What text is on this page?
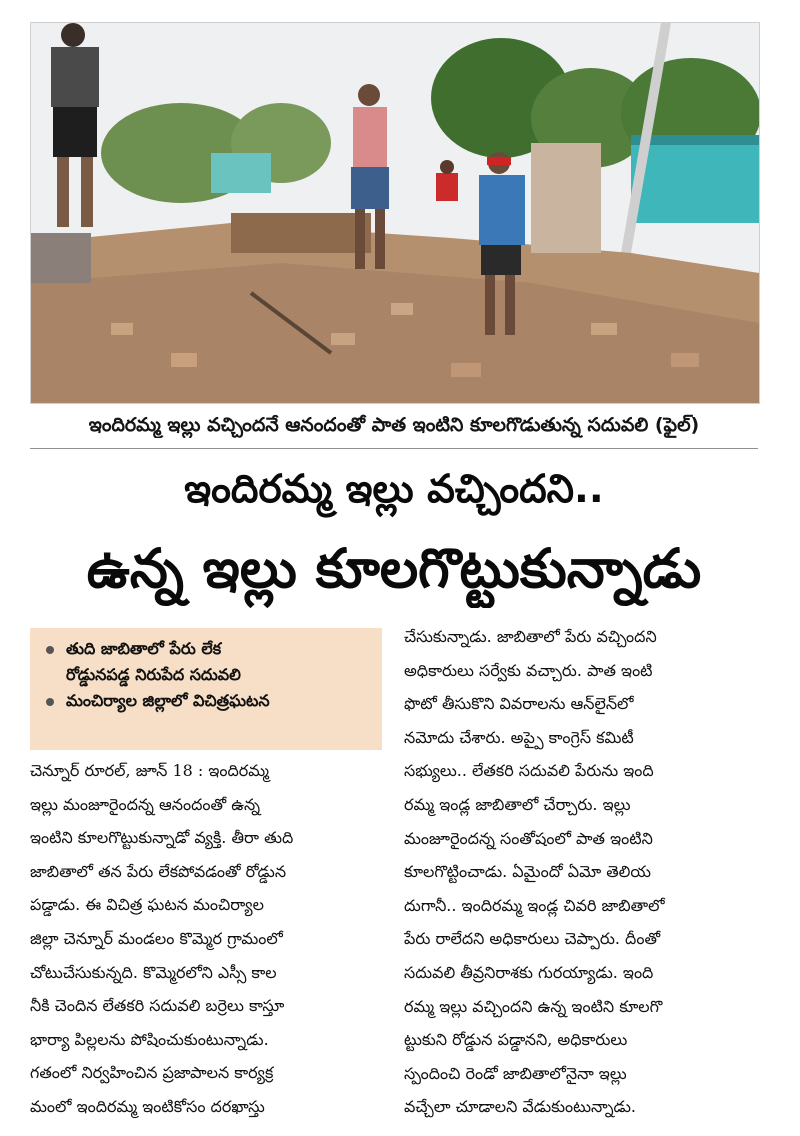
ఇందిరమ్మ ఇల్లు వచ్చిందనే ఆనందంతో పాత ఇంటిని కూలగొడుతున్న సదువలి (ఫైల్)
ఇందిరమ్మ ఇల్లు వచ్చిందని..
ఉన్న ఇల్లు కూలగొట్టుకున్నాడు
తుది జాబితాలో పేరు లేక
రోడ్డునపడ్డ నిరుపేద సదువలి
మంచిర్యాల జిల్లాలో విచిత్రఘటన
చెన్నూర్ రూరల్, జూన్ 18 : ఇందిరమ్మ
ఇల్లు మంజూరైందన్న ఆనందంతో ఉన్న
ఇంటిని కూలగొట్టుకున్నాడో వ్యక్తి. తీరా తుది
జాబితాలో తన పేరు లేకపోవడంతో రోడ్డున
పడ్డాడు. ఈ విచిత్ర ఘటన మంచిర్యాల
జిల్లా చెన్నూర్ మండలం కొమ్మెర గ్రామంలో
చోటుచేసుకున్నది. కొమ్మెరలోని ఎస్సీ కాల
నీకి చెందిన లేతకరి సదువలి బర్రెలు కాస్తూ
భార్యా పిల్లలను పోషించుకుంటున్నాడు.
గతంలో నిర్వహించిన ప్రజాపాలన కార్యక్ర
మంలో ఇందిరమ్మ ఇంటికోసం దరఖాస్తు
చేసుకున్నాడు. జాబితాలో పేరు వచ్చిందని
అధికారులు సర్వేకు వచ్చారు. పాత ఇంటి
ఫొటో తీసుకొని వివరాలను ఆన్‌లైన్‌లో
నమోదు చేశారు. అప్పై కాంగ్రెస్ కమిటీ
సభ్యులు.. లేతకరి సదువలి పేరును ఇంది
రమ్మ ఇండ్ల జాబితాలో చేర్చారు. ఇల్లు
మంజూరైందన్న సంతోషంలో పాత ఇంటిని
కూలగొట్టించాడు. ఏమైందో ఏమో తెలియ
దుగానీ.. ఇందిరమ్మ ఇండ్ల చివరి జాబితాలో
పేరు రాలేదని అధికారులు చెప్పారు. దీంతో
సదువలి తీవ్రనిరాశకు గురయ్యాడు. ఇంది
రమ్మ ఇల్లు వచ్చిందని ఉన్న ఇంటిని కూలగొ
ట్టుకుని రోడ్డున పడ్డానని, అధికారులు
స్పందించి రెండో జాబితాలోనైనా ఇల్లు
వచ్చేలా చూడాలని వేడుకుంటున్నాడు.
